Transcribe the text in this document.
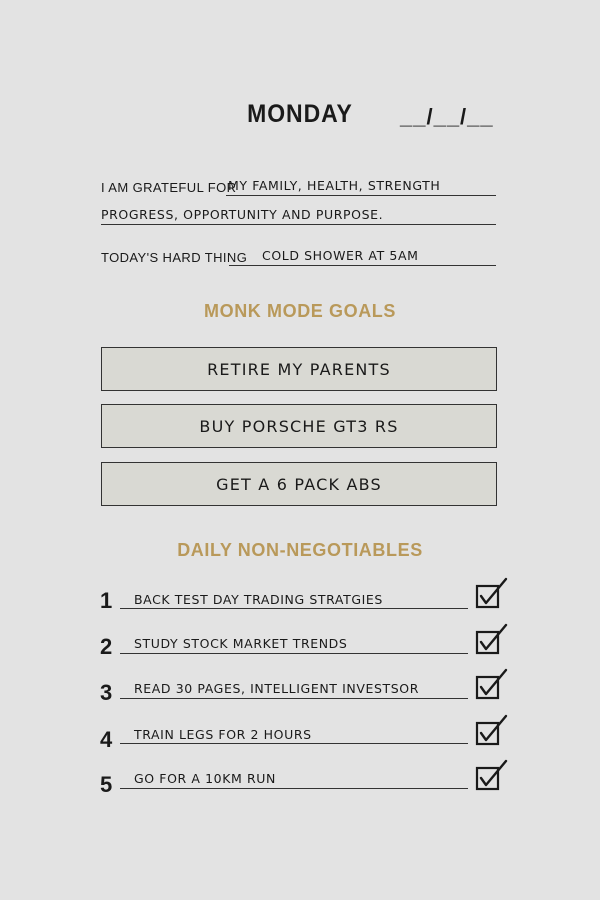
MONDAY	__/__/__
I AM GRATEFUL FOR
MY FAMILY, HEALTH, STRENGTH
PROGRESS, OPPORTUNITY AND PURPOSE.
TODAY'S HARD THING COLD SHOWER AT 5AM
MONK MODE GOALS
RETIRE MY PARENTS
BUY PORSCHE GT3 RS
GET A 6 PACK ABS
DAILY NON-NEGOTIABLES
1	BACK TEST DAY TRADING STRATGIES
2	STUDY STOCK MARKET TRENDS
3	READ 30 PAGES, INTELLIGENT INVESTSOR
4	TRAIN LEGS FOR 2 HOURS
5	GO FOR A 10KM RUN
